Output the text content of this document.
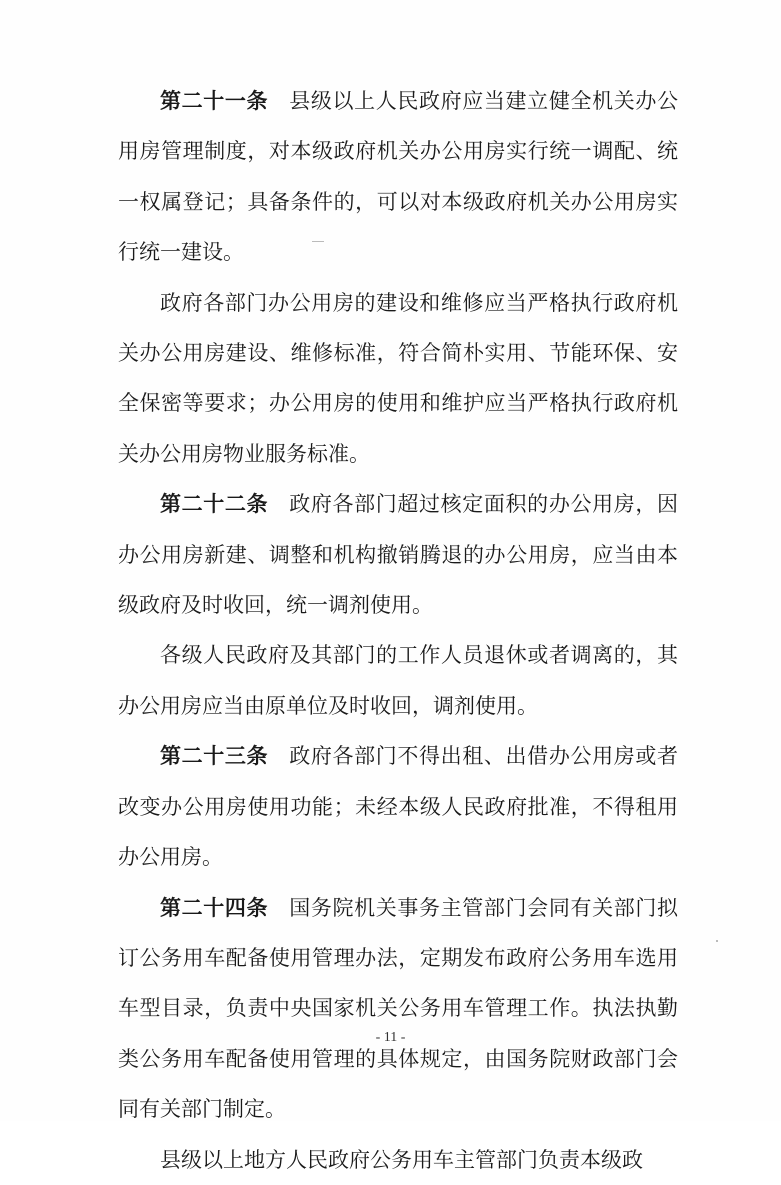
第二十一条 县级以上人民政府应当建立健全机关办公用房管理制度，对本级政府机关办公用房实行统一调配、统一权属登记；具备条件的，可以对本级政府机关办公用房实行统一建设。

政府各部门办公用房的建设和维修应当严格执行政府机关办公用房建设、维修标准，符合简朴实用、节能环保、安全保密等要求；办公用房的使用和维护应当严格执行政府机关办公用房物业服务标准。

第二十二条 政府各部门超过核定面积的办公用房，因办公用房新建、调整和机构撤销腾退的办公用房，应当由本级政府及时收回，统一调剂使用。

各级人民政府及其部门的工作人员退休或者调离的，其办公用房应当由原单位及时收回，调剂使用。

第二十三条 政府各部门不得出租、出借办公用房或者改变办公用房使用功能；未经本级人民政府批准，不得租用办公用房。

第二十四条 国务院机关事务主管部门会同有关部门拟订公务用车配备使用管理办法，定期发布政府公务用车选用车型目录，负责中央国家机关公务用车管理工作。执法执勤类公务用车配备使用管理的具体规定，由国务院财政部门会同有关部门制定。

县级以上地方人民政府公务用车主管部门负责本级政

- 11 -
